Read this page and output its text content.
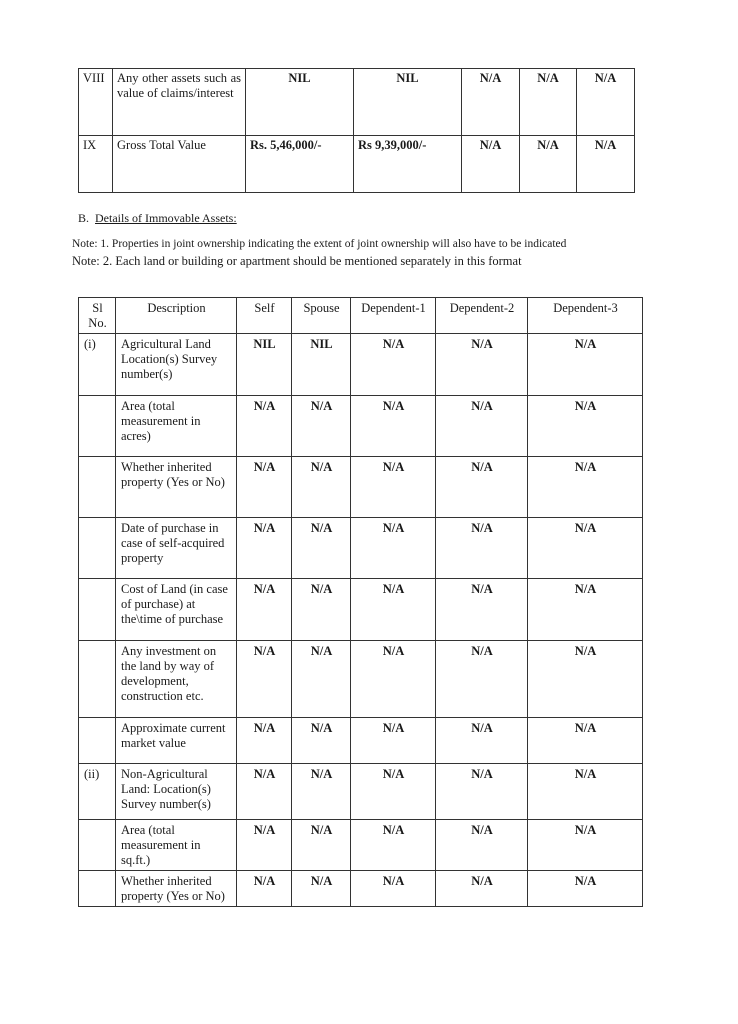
VIII	Any other assets such as value of claims/interest	NIL	NIL	N/A	N/A	N/A
IX	Gross Total Value	Rs. 5,46,000/-	Rs 9,39,000/-	N/A	N/A	N/A
B. Details of Immovable Assets:
Note: 1. Properties in joint ownership indicating the extent of joint ownership will also have to be indicated
Note: 2. Each land or building or apartment should be mentioned separately in this format
Sl No.	Description	Self	Spouse	Dependent-1	Dependent-2	Dependent-3
(i)	Agricultural Land Location(s) Survey number(s)	NIL	NIL	N/A	N/A	N/A
	Area (total measurement in acres)	N/A	N/A	N/A	N/A	N/A
	Whether inherited property (Yes or No)	N/A	N/A	N/A	N/A	N/A
	Date of purchase in case of self-acquired property	N/A	N/A	N/A	N/A	N/A
	Cost of Land (in case of purchase) at the\time of purchase	N/A	N/A	N/A	N/A	N/A
	Any investment on the land by way of development, construction etc.	N/A	N/A	N/A	N/A	N/A
	Approximate current market value	N/A	N/A	N/A	N/A	N/A
(ii)	Non-Agricultural Land: Location(s) Survey number(s)	N/A	N/A	N/A	N/A	N/A
	Area (total measurement in sq.ft.)	N/A	N/A	N/A	N/A	N/A
	Whether inherited property (Yes or No)	N/A	N/A	N/A	N/A	N/A
